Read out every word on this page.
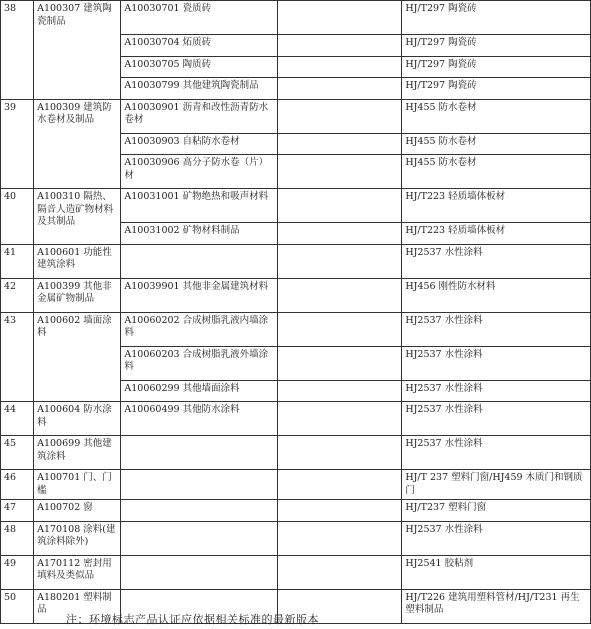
38	A100307 建筑陶瓷制品	A10030701 瓷质砖		HJ/T297 陶瓷砖
		A10030704 炻质砖		HJ/T297 陶瓷砖
		A10030705 陶质砖		HJ/T297 陶瓷砖
		A10030799 其他建筑陶瓷制品		HJ/T297 陶瓷砖
39	A100309 建筑防水卷材及制品	A10030901 沥青和改性沥青防水卷材		HJ455 防水卷材
		A10030903 自粘防水卷材		HJ455 防水卷材
		A10030906 高分子防水卷（片）材		HJ455 防水卷材
40	A100310 隔热、隔音人造矿物材料及其制品	A10031001 矿物绝热和吸声材料		HJ/T223 轻质墙体板材
		A10031002 矿物材料制品		HJ/T223 轻质墙体板材
41	A100601 功能性建筑涂料			HJ2537 水性涂料
42	A100399 其他非金属矿物制品	A10039901 其他非金属建筑材料		HJ456 刚性防水材料
43	A100602 墙面涂料	A10060202 合成树脂乳液内墙涂料		HJ2537 水性涂料
		A10060203 合成树脂乳液外墙涂料		HJ2537 水性涂料
		A10060299 其他墙面涂料		HJ2537 水性涂料
44	A100604 防水涂料	A10060499 其他防水涂料		HJ2537 水性涂料
45	A100699 其他建筑涂料			HJ2537 水性涂料
46	A100701 门、门槛			HJ/T 237 塑料门窗/HJ459 木质门和钢质门
47	A100702 窗			HJ/T237 塑料门窗
48	A170108 涂料(建筑涂料除外)			HJ2537 水性涂料
49	A170112 密封用填料及类似品			HJ2541 胶粘剂
50	A180201 塑料制品			HJ/T226 建筑用塑料管材/HJ/T231 再生塑料制品
注：环境标志产品认证应依据相关标准的最新版本
